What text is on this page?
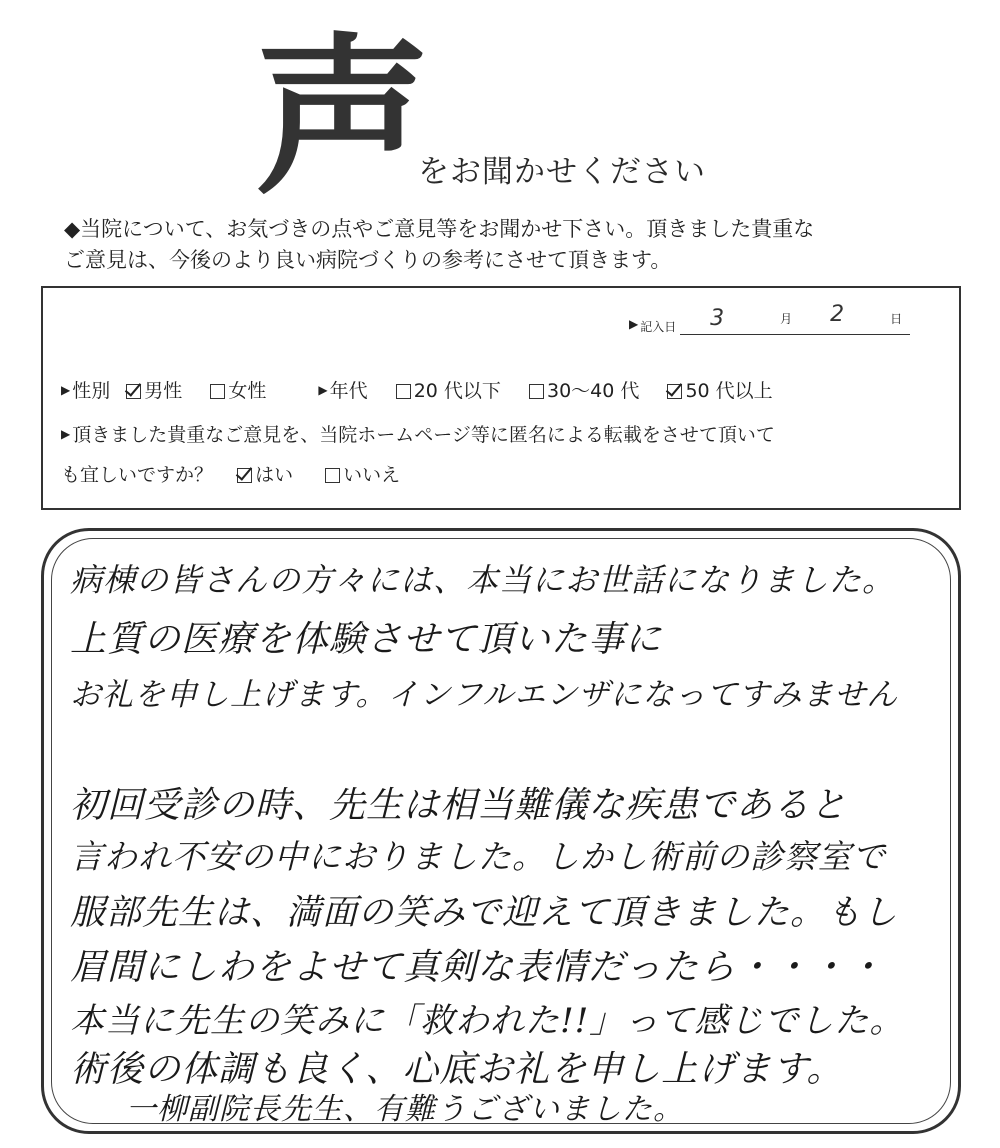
声
をお聞かせください
◆当院について、お気づきの点やご意見等をお聞かせ下さい。頂きました貴重な
ご意見は、今後のより良い病院づくりの参考にさせて頂きます。
▶ 記入日 3	月 2	日
▶ 性別 男性 女性	▶ 年代 20 代以下 30～40 代 50 代以上
▶ 頂きました貴重なご意見を、当院ホームページ等に匿名による転載をさせて頂いて
も宜しいですか？ はい	いいえ
病棟の皆さんの方々には、本当にお世話になりました。
上質の医療を体験させて頂いた事に
お礼を申し上げます。インフルエンザになってすみません
初回受診の時、先生は相当難儀な疾患であると
言われ不安の中におりました。しかし術前の診察室で
服部先生は、満面の笑みで迎えて頂きました。もし
眉間にしわをよせて真剣な表情だったら・・・・
本当に先生の笑みに「救われた!!」って感じでした。
術後の体調も良く、心底お礼を申し上げます。
一柳副院長先生、有難うございました。
